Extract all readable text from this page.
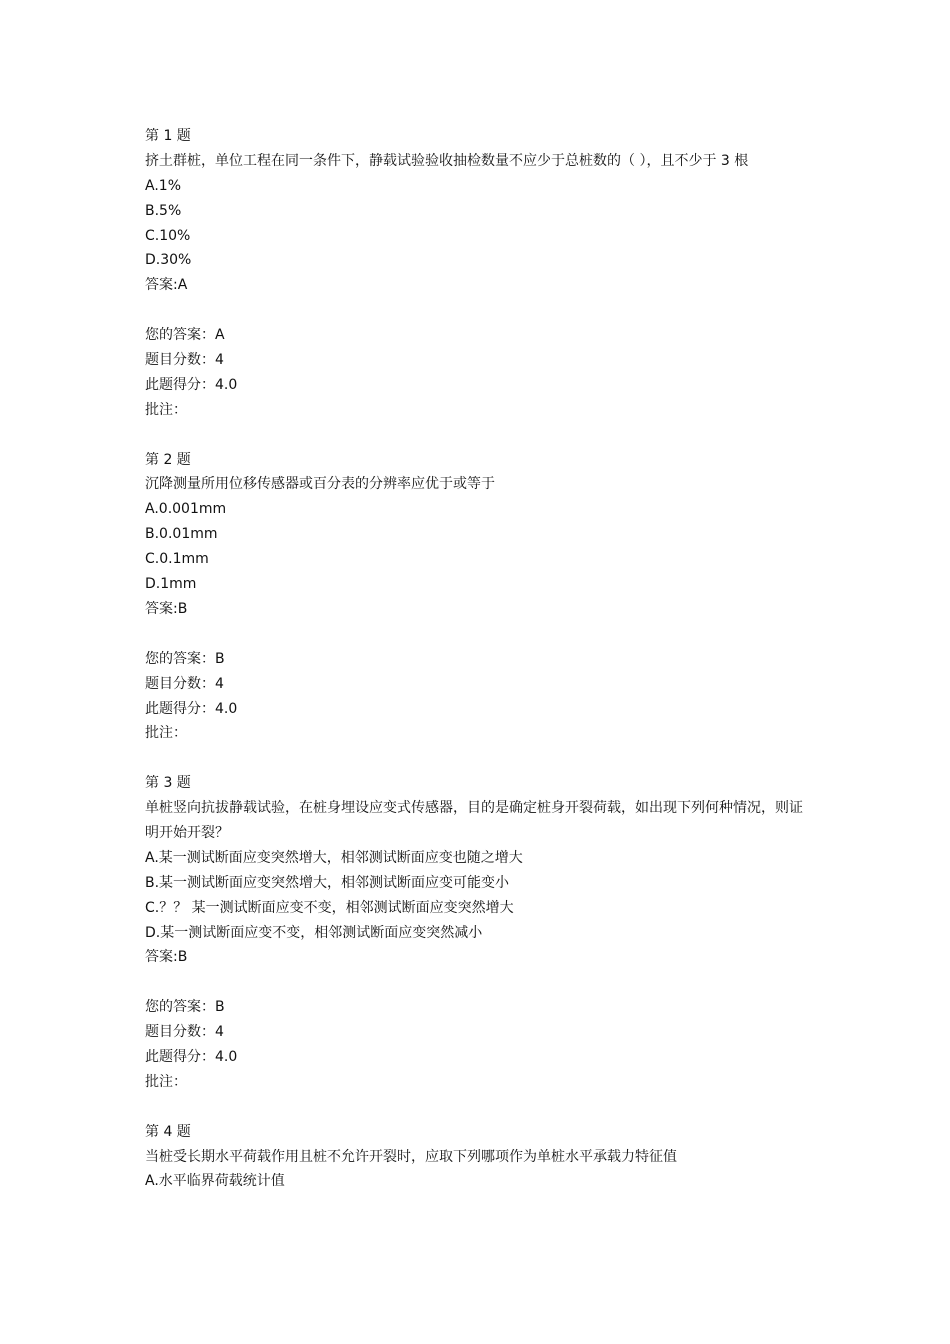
第 1 题
挤土群桩，单位工程在同一条件下，静载试验验收抽检数量不应少于总桩数的（ ），且不少于 3 根
A.1%
B.5%
C.10%
D.30%
答案:A
您的答案：A
题目分数：4
此题得分：4.0
批注：
第 2 题
沉降测量所用位移传感器或百分表的分辨率应优于或等于
A.0.001mm
B.0.01mm
C.0.1mm
D.1mm
答案:B
您的答案：B
题目分数：4
此题得分：4.0
批注：
第 3 题
单桩竖向抗拔静载试验，在桩身埋设应变式传感器，目的是确定桩身开裂荷载，如出现下列何种情况，则证明开始开裂？
A.某一测试断面应变突然增大，相邻测试断面应变也随之增大
B.某一测试断面应变突然增大，相邻测试断面应变可能变小
C.？？ 某一测试断面应变不变，相邻测试断面应变突然增大
D.某一测试断面应变不变，相邻测试断面应变突然减小
答案:B
您的答案：B
题目分数：4
此题得分：4.0
批注：
第 4 题
当桩受长期水平荷载作用且桩不允许开裂时，应取下列哪项作为单桩水平承载力特征值
A.水平临界荷载统计值
